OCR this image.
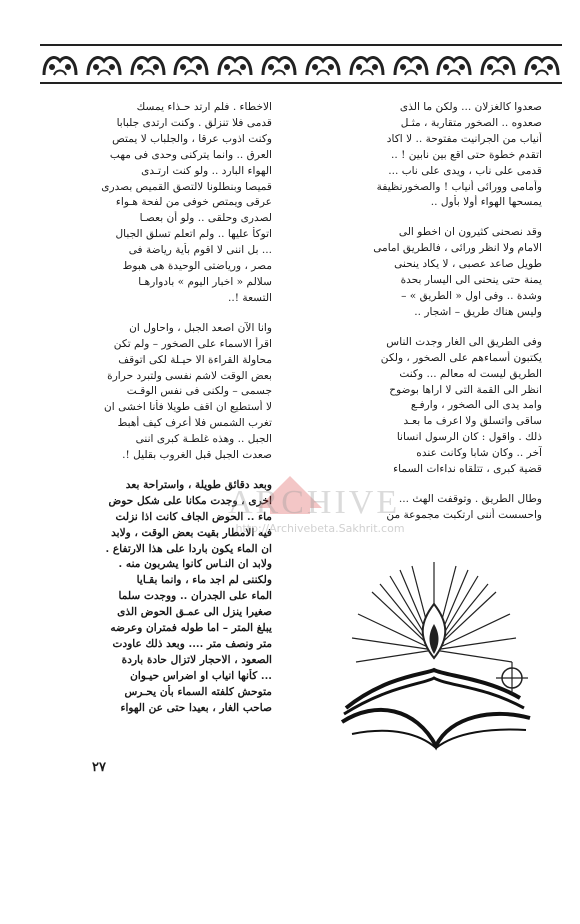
صعدوا كالغزلان ... ولكن ما الذى
صعدوه .. الصخور متقاربة ، مثـل
أنياب من الجرانيت مفتوحة .. لا اكاد
اتقدم خطوة حتى اقع بين نابين ! ..
قدمى على ناب ، ويدى على ناب ...
وأمامى وورائى أنياب ! والصخورنظيفة
يمسحها الهواء أولا بأول ..
وقد نصحنى كثيرون ان اخطو الى
الامام ولا انظر ورائى ، فالطريق امامى
طويل صاعد عصبى ، لا يكاد ينحنى
يمنة حتى ينحنى الى اليسار بحدة
وشدة .. وفى اول « الطريق » –
وليس هناك طريق – اشجار ..
وفى الطريق الى الغار وجدت الناس
يكتبون أسماءهم على الصخور ، ولكن
الطريق ليست له معالم ... وكنت
انظر الى القمة التى لا اراها بوضوح
وامد يدى الى الصخور ، وارفـع
ساقى واتسلق ولا اعرف ما بعـد
ذلك . واقول : كان الرسول انسانا
آخر .. وكان شابا وكانت عنده
قضية كبرى ، تتلقاه نداءات السماء
وطال الطريق . وتوقفت الهث ...
واحسست أننى ارتكبت مجموعة من
الاخطاء . فلم ارتد حـذاء يمسك
قدمى فلا تنزلق . وكنت ارتدى جلبابا
وكنت اذوب عرقا ، والجلباب لا يمتص
العرق .. وانما يتركنى وحدى فى مهب
الهواء البارد .. ولو كنت ارتـدى
قميصا وبنطلونا لالتصق القميص بصدرى
عرقى ويمتص خوفى من لفحة هـواء
لصدرى وحلقى .. ولو أن بعصـا
اتوكأ عليها .. ولم اتعلم تسلق الجبال
... بل اننى لا اقوم بأية رياضة فى
مصر ، ورياضتى الوحيدة هى هبوط
سلالم « اخبار اليوم » بادوارهـا
التسعة !..
وانا الآن اصعد الجبل ، واحاول ان
اقرأ الاسماء على الصخور – ولم تكن
محاولة القراءة الا حيـلة لكى اتوقف
بعض الوقت لاشم نفسى ولتبرد حرارة
جسمى – ولكنى فى نفس الوقـت
لا أستطيع ان اقف طويلا فأنا اخشى ان
تغرب الشمس فلا أعرف كيف أهبط
الجبل .. وهذه غلطـة كبرى اننى
صعدت الجبل قبل الغروب بقليل !.
وبعد دقائق طويلة ، واستراحة بعد
اخرى ، وجدت مكانا على شكل حوض
ماء .. الحوض الجاف كانت اذا نزلت
فيه الامطار بقيت بعض الوقت ، ولابد
ان الماء يكون باردا على هذا الارتفاع .
ولابد ان النـاس كانوا يشربون منه .
ولكننى لم اجد ماء ، وانما بقـايا
الماء على الجدران .. ووجدت سلما
صغيرا ينزل الى عمـق الحوض الذى
يبلغ المتر – اما طوله فمتران وعرضه
متر ونصف متر .... وبعد ذلك عاودت
الصعود ، الاحجار لاتزال حادة باردة
... كأنها انياب او اضراس حيـوان
متوحش كلفته السماء بأن يحـرس
صاحب الغار ، بعيدا حتى عن الهواء
ARCHIVE
http://Archivebeta.Sakhrit.com
٢٧
